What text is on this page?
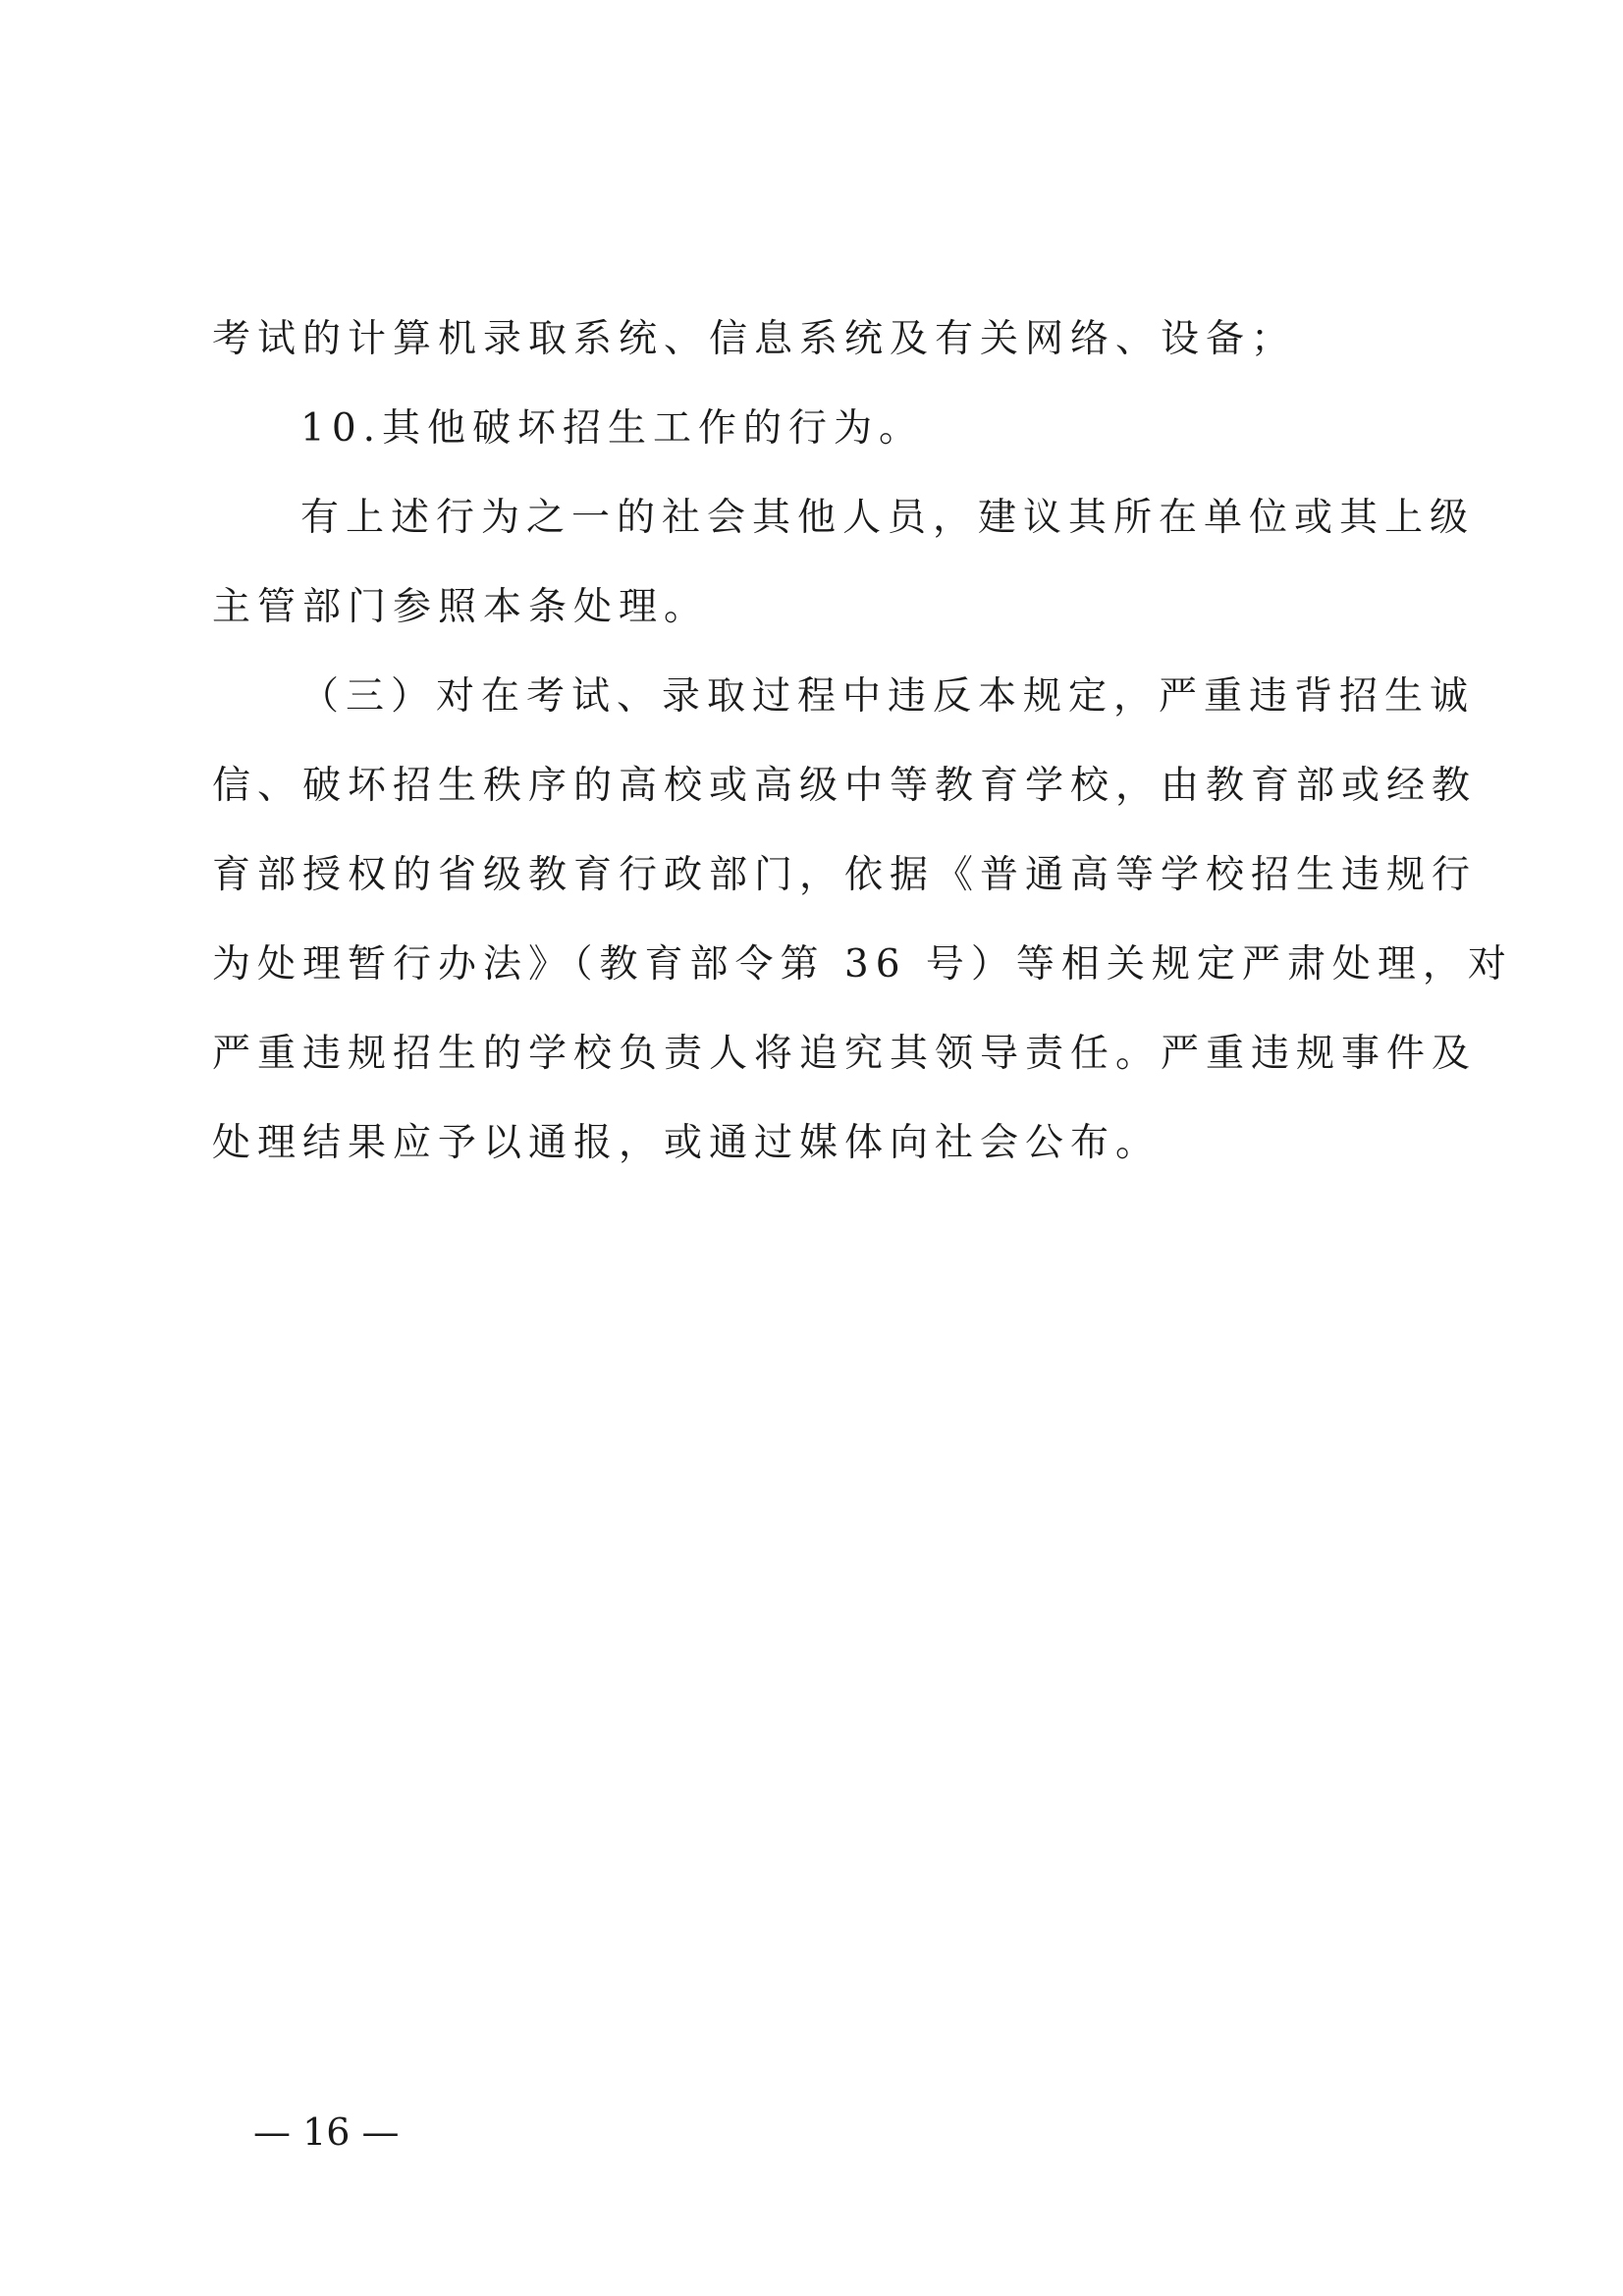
考试的计算机录取系统、信息系统及有关网络、设备；
10.其他破坏招生工作的行为。
有上述行为之一的社会其他人员，建议其所在单位或其上级
主管部门参照本条处理。
（三）对在考试、录取过程中违反本规定，严重违背招生诚
信、破坏招生秩序的高校或高级中等教育学校，由教育部或经教
育部授权的省级教育行政部门，依据《普通高等学校招生违规行
为处理暂行办法》（教育部令第 36 号）等相关规定严肃处理，对
严重违规招生的学校负责人将追究其领导责任。严重违规事件及
处理结果应予以通报，或通过媒体向社会公布。
— 16 —
